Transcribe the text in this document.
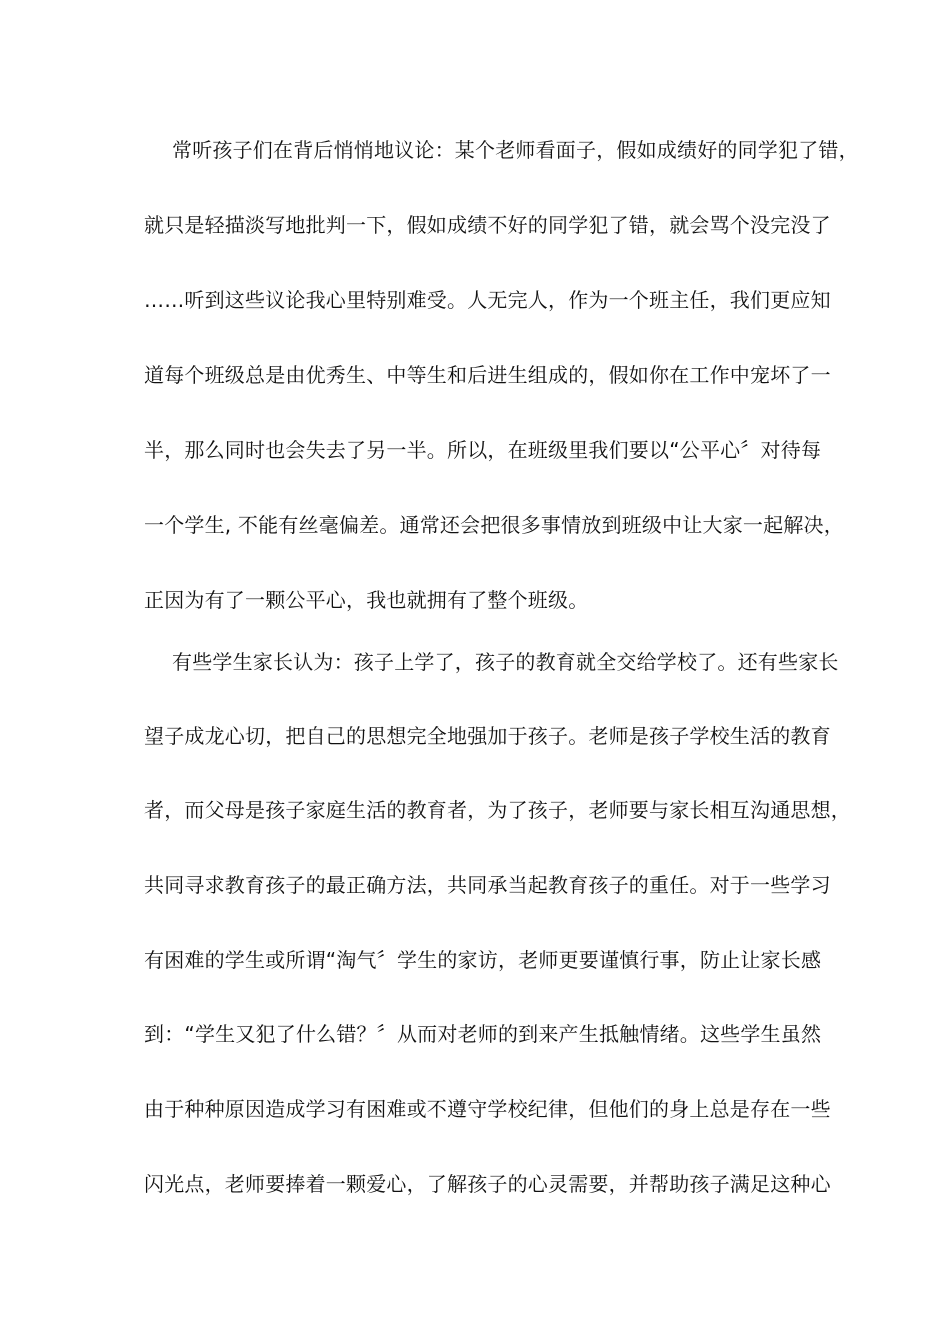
常听孩子们在背后悄悄地议论：某个老师看面子，假如成绩好的同学犯了错，
就只是轻描淡写地批判一下，假如成绩不好的同学犯了错，就会骂个没完没了
……听到这些议论我心里特别难受。人无完人，作为一个班主任，我们更应知
道每个班级总是由优秀生、中等生和后进生组成的，假如你在工作中宠坏了一
半，那么同时也会失去了另一半。所以，在班级里我们要以“公平心〞对待每
一个学生, 不能有丝毫偏差。通常还会把很多事情放到班级中让大家一起解决，
正因为有了一颗公平心，我也就拥有了整个班级。
有些学生家长认为：孩子上学了，孩子的教育就全交给学校了。还有些家长
望子成龙心切，把自己的思想完全地强加于孩子。老师是孩子学校生活的教育
者，而父母是孩子家庭生活的教育者，为了孩子，老师要与家长相互沟通思想，
共同寻求教育孩子的最正确方法，共同承当起教育孩子的重任。对于一些学习
有困难的学生或所谓“淘气〞学生的家访，老师更要谨慎行事，防止让家长感
到：“学生又犯了什么错？〞从而对老师的到来产生抵触情绪。这些学生虽然
由于种种原因造成学习有困难或不遵守学校纪律，但他们的身上总是存在一些
闪光点，老师要捧着一颗爱心，了解孩子的心灵需要，并帮助孩子满足这种心
